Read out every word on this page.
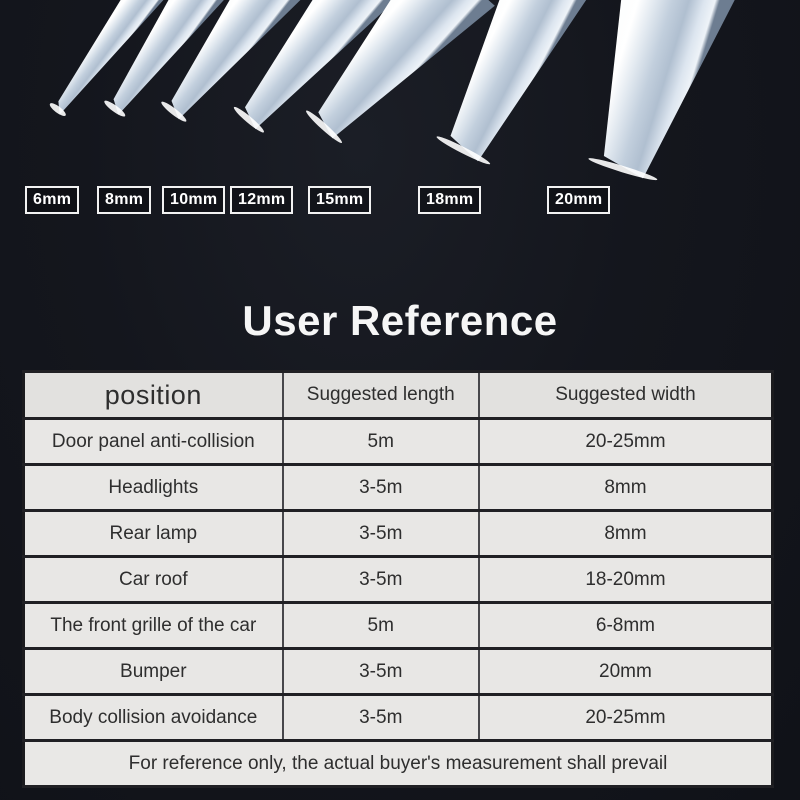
6mm	8mm	10mm	12mm	15mm	18mm	20mm
User Reference
position	Suggested length	Suggested width
Door panel anti-collision	5m	20-25mm
Headlights	3-5m	8mm
Rear lamp	3-5m	8mm
Car roof	3-5m	18-20mm
The front grille of the car	5m	6-8mm
Bumper	3-5m	20mm
Body collision avoidance	3-5m	20-25mm
For reference only, the actual buyer's measurement shall prevail		
